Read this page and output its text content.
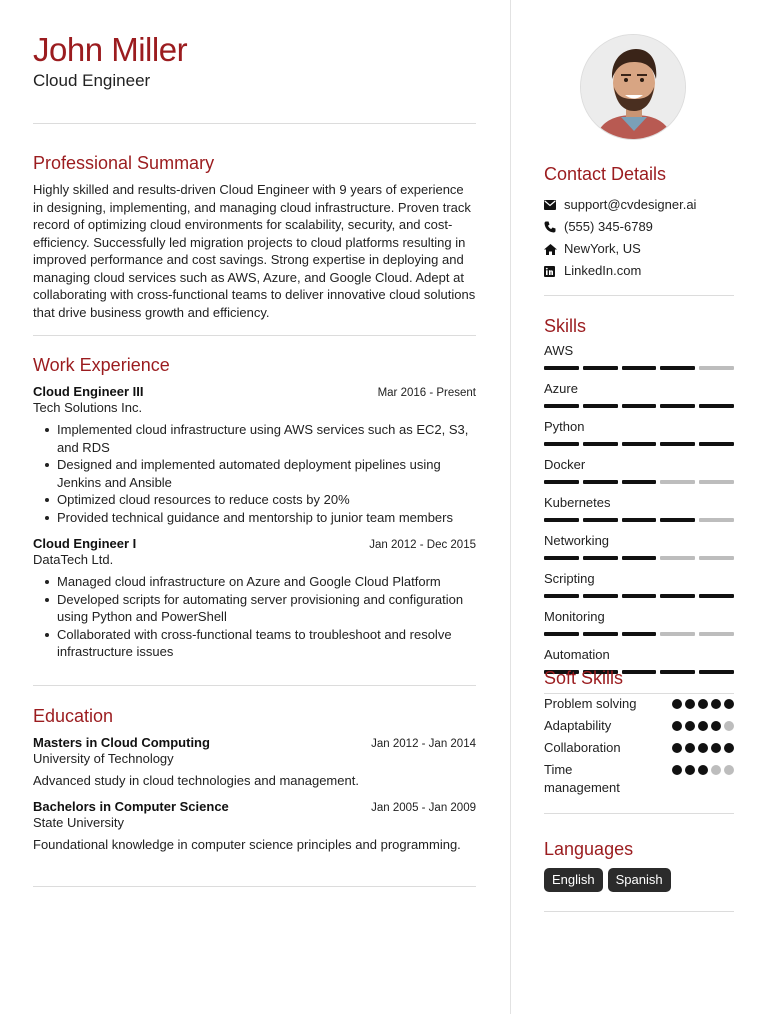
John Miller
Cloud Engineer
Professional Summary
Highly skilled and results-driven Cloud Engineer with 9 years of experience in designing, implementing, and managing cloud infrastructure. Proven track record of optimizing cloud environments for scalability, security, and cost-efficiency. Successfully led migration projects to cloud platforms resulting in improved performance and cost savings. Strong expertise in deploying and managing cloud services such as AWS, Azure, and Google Cloud. Adept at collaborating with cross-functional teams to deliver innovative cloud solutions that drive business growth and efficiency.
Work Experience
Cloud Engineer III	Mar 2016 - Present
Tech Solutions Inc.
Implemented cloud infrastructure using AWS services such as EC2, S3, and RDS
Designed and implemented automated deployment pipelines using Jenkins and Ansible
Optimized cloud resources to reduce costs by 20%
Provided technical guidance and mentorship to junior team members
Cloud Engineer I	Jan 2012 - Dec 2015
DataTech Ltd.
Managed cloud infrastructure on Azure and Google Cloud Platform
Developed scripts for automating server provisioning and configuration using Python and PowerShell
Collaborated with cross-functional teams to troubleshoot and resolve infrastructure issues
Education
Masters in Cloud Computing	Jan 2012 - Jan 2014
University of Technology
Advanced study in cloud technologies and management.
Bachelors in Computer Science	Jan 2005 - Jan 2009
State University
Foundational knowledge in computer science principles and programming.
Contact Details
support@cvdesigner.ai
(555) 345-6789
NewYork, US
LinkedIn.com
Skills
AWS
Azure
Python
Docker
Kubernetes
Networking
Scripting
Monitoring
Automation
Soft Skills
Problem solving
Adaptability
Collaboration
Time management
Languages
English	Spanish
